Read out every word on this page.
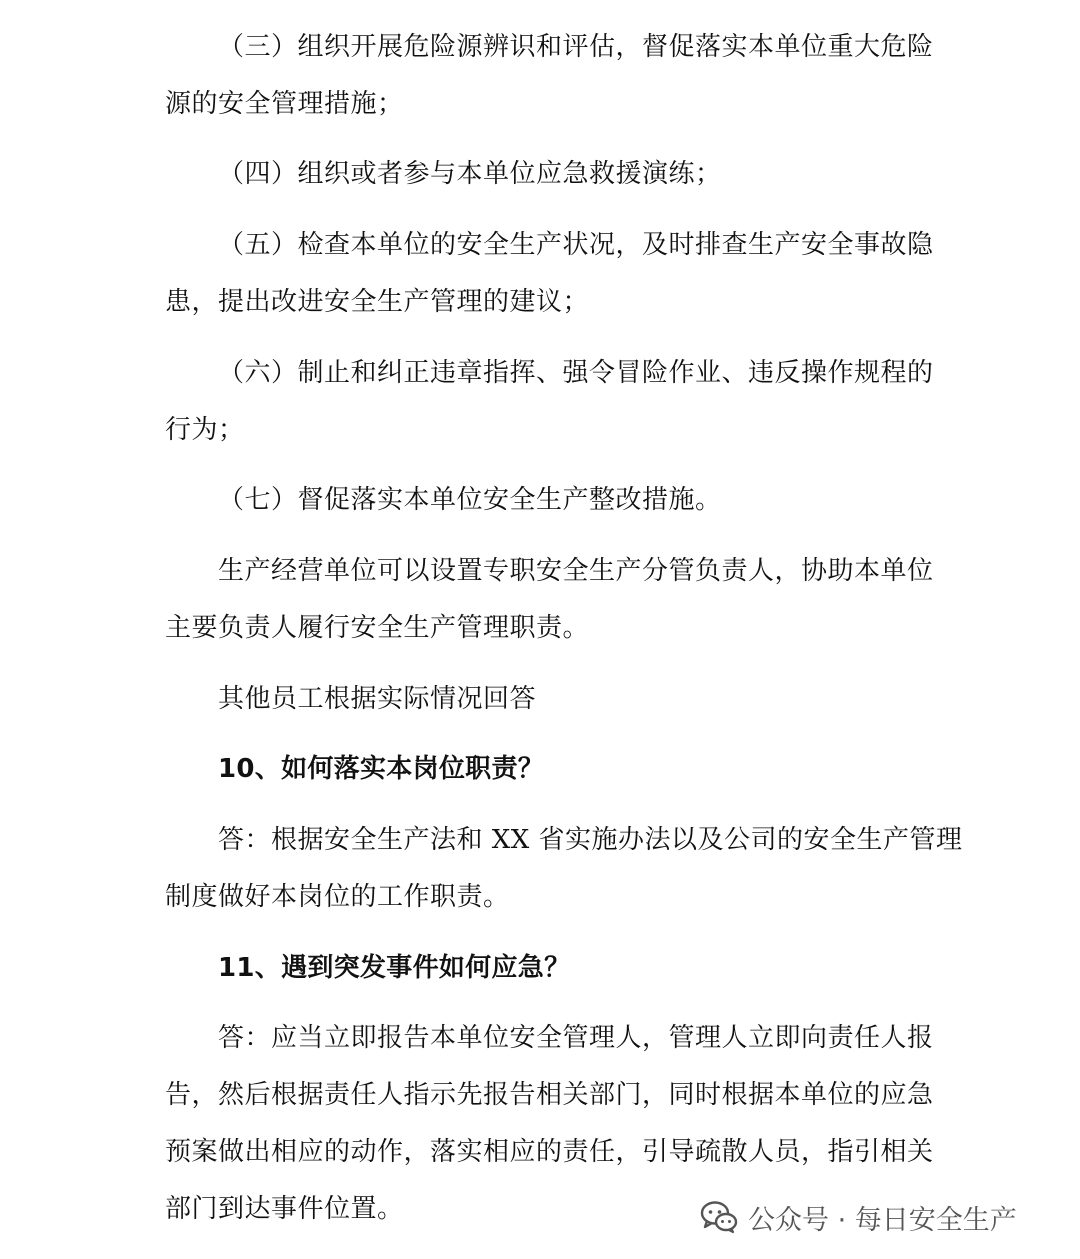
（三）组织开展危险源辨识和评估，督促落实本单位重大危险
源的安全管理措施；
（四）组织或者参与本单位应急救援演练；
（五）检查本单位的安全生产状况，及时排查生产安全事故隐
患，提出改进安全生产管理的建议；
（六）制止和纠正违章指挥、强令冒险作业、违反操作规程的
行为；
（七）督促落实本单位安全生产整改措施。
生产经营单位可以设置专职安全生产分管负责人，协助本单位
主要负责人履行安全生产管理职责。
其他员工根据实际情况回答
10、如何落实本岗位职责？
答：根据安全生产法和 XX 省实施办法以及公司的安全生产管理
制度做好本岗位的工作职责。
11、遇到突发事件如何应急？
答：应当立即报告本单位安全管理人，管理人立即向责任人报
告，然后根据责任人指示先报告相关部门，同时根据本单位的应急
预案做出相应的动作，落实相应的责任，引导疏散人员，指引相关
部门到达事件位置。	公众号 · 每日安全生产
